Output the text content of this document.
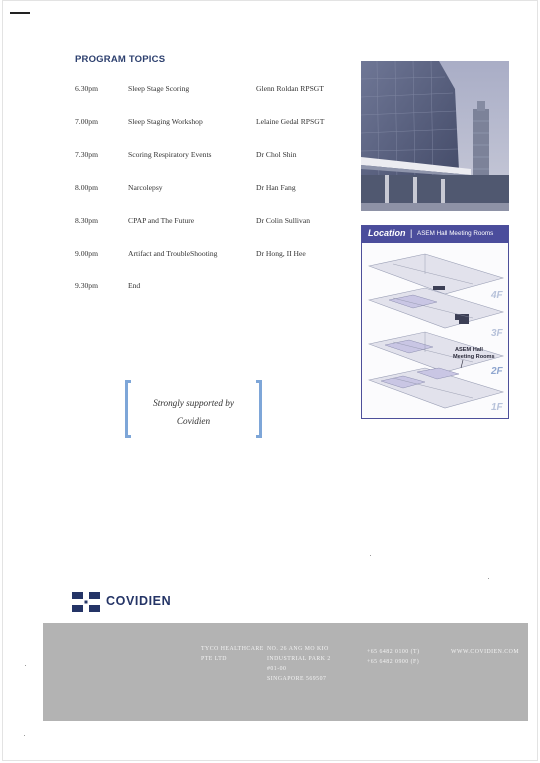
PROGRAM TOPICS
6.30pm	Sleep Stage Scoring	Glenn Roldan RPSGT
7.00pm	Sleep Staging Workshop	Lelaine Gedal RPSGT
7.30pm	Scoring Respiratory Events	Dr Chol Shin
8.00pm	Narcolepsy	Dr Han Fang
8.30pm	CPAP and The Future	Dr Colin Sullivan
9.00pm	Artifact and TroubleShooting	Dr Hong, II Hee
9.30pm	End
Location | ASEM Hall Meeting Rooms
ASEM Hall
Meeting Rooms
4F
3F
2F
1F
Strongly supported by
Covidien
COVIDIEN
TYCO HEALTHCARE
PTE LTD
NO. 26 ANG MO KIO
INDUSTRIAL PARK 2
#01-00
SINGAPORE 569507
+65 6482 0100 (T)
+65 6482 0900 (F)
WWW.COVIDIEN.COM
